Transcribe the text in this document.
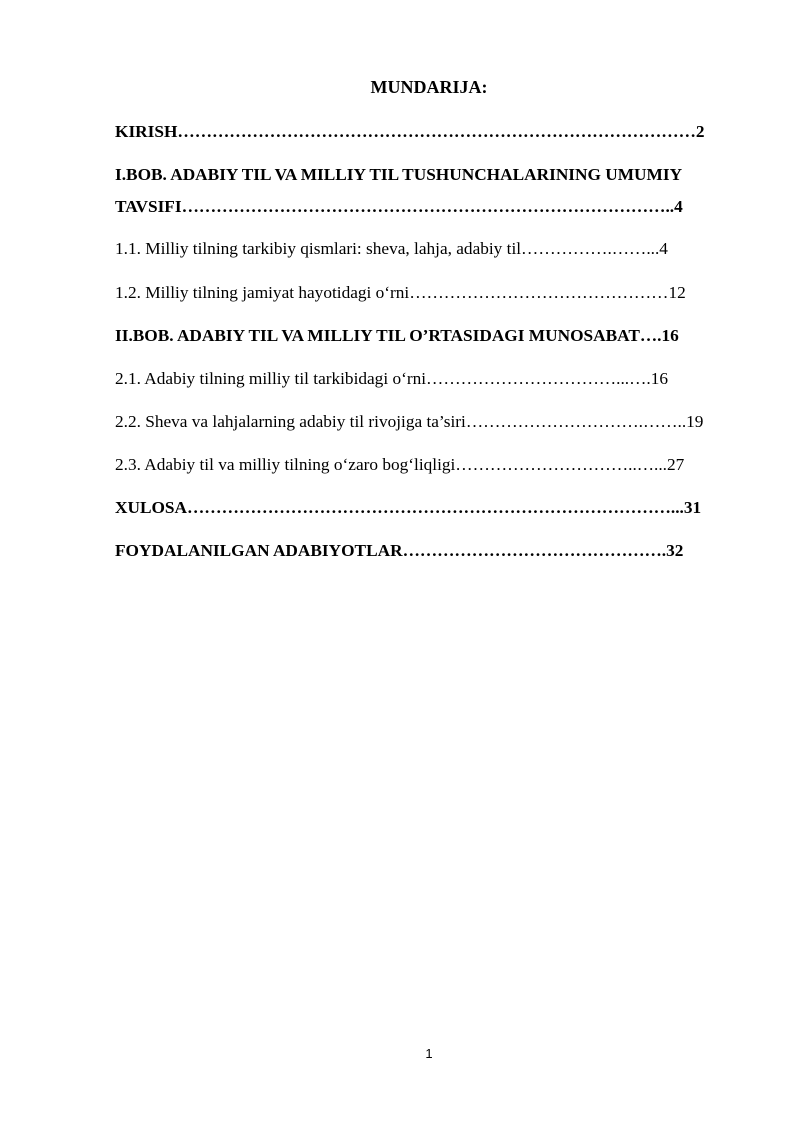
MUNDARIJA:
KIRISH………………………………………………………………………………2
I.BOB. ADABIY TIL VA MILLIY TIL TUSHUNCHALARINING UMUMIY
TAVSIFI…………………………………………………………………………..4
1.1. Milliy tilning tarkibiy qismlari: sheva, lahja, adabiy til…………….……...4
1.2. Milliy tilning jamiyat hayotidagi o‘rni………………………………………12
II.BOB. ADABIY TIL VA MILLIY TIL O’RTASIDAGI MUNOSABAT….16
2.1. Adabiy tilning milliy til tarkibidagi o‘rni……………………………...….16
2.2. Sheva va lahjalarning adabiy til rivojiga ta’siri………………………….……..19
2.3. Adabiy til va milliy tilning o‘zaro bog‘liqligi…………………………..…...27
XULOSA…………………………………………………………………………...31
FOYDALANILGAN ADABIYOTLAR……………………………………….32
1
